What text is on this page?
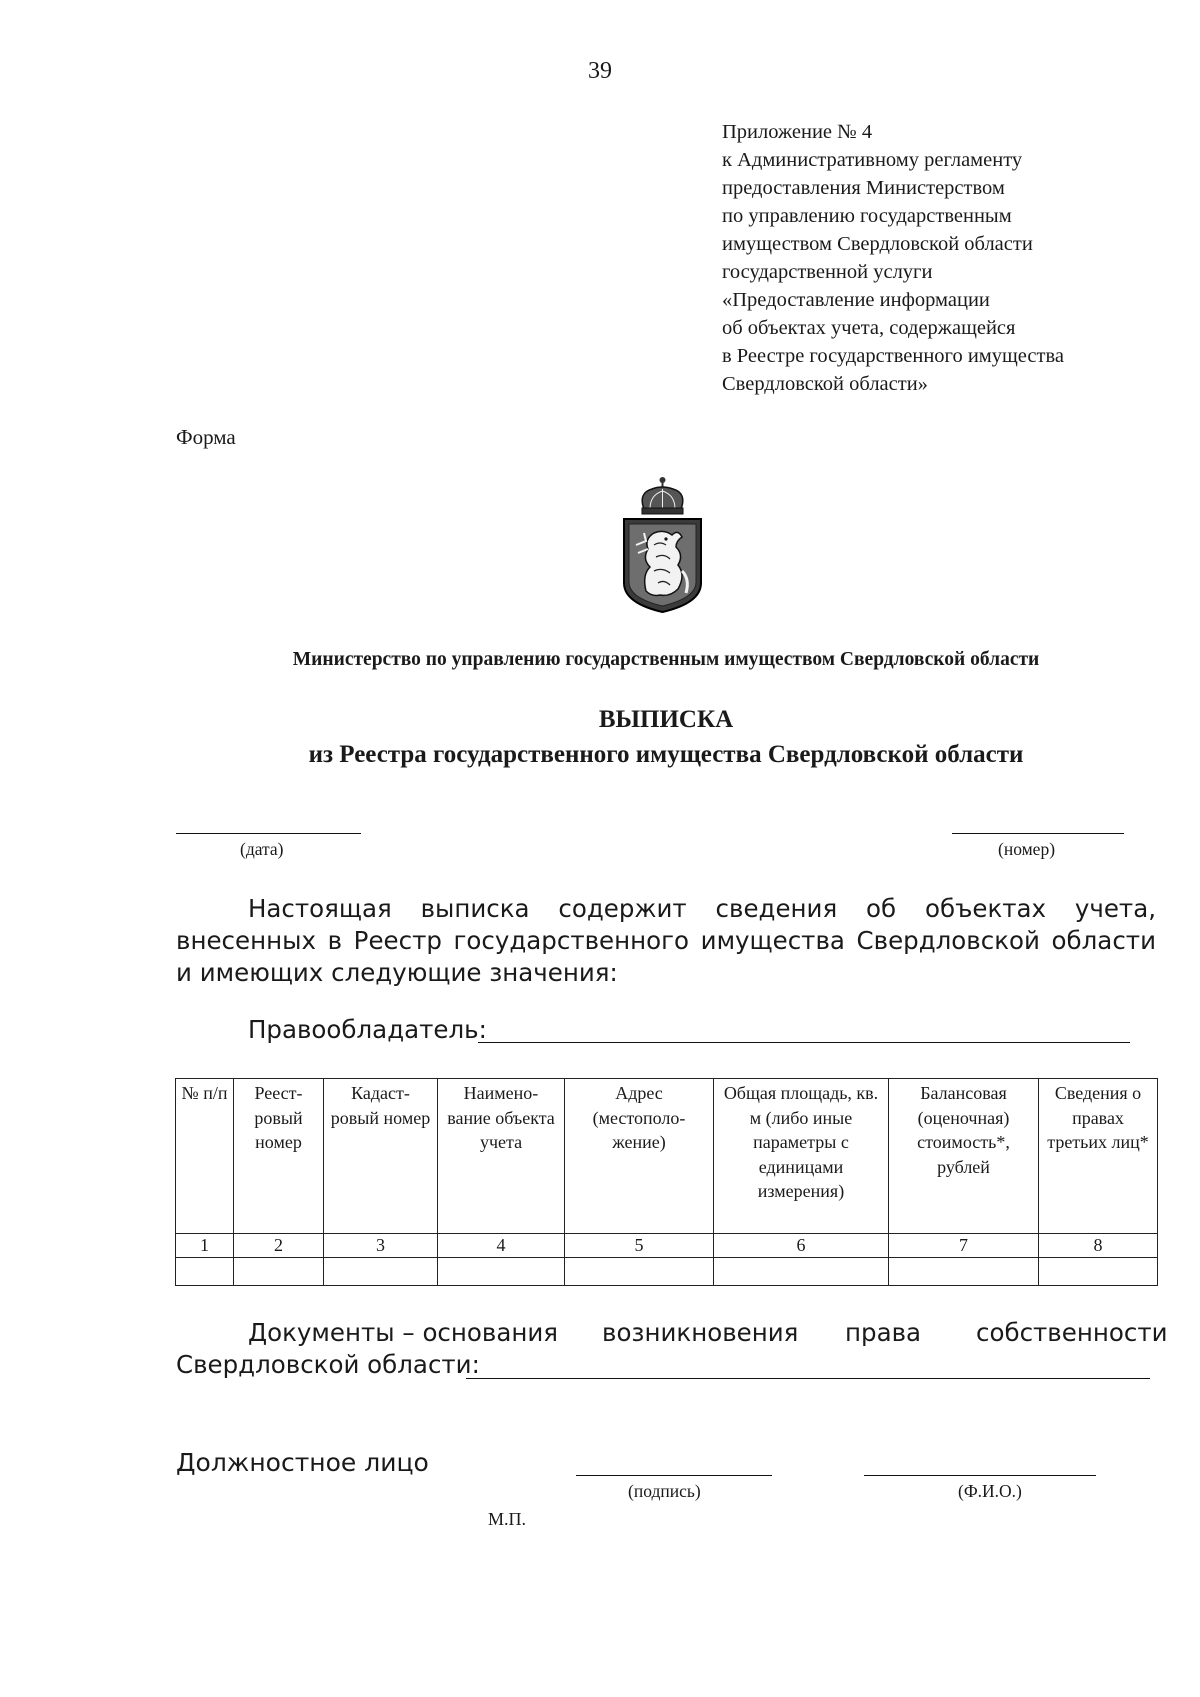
39
Приложение № 4
к Административному регламенту
предоставления Министерством
по управлению государственным
имуществом Свердловской области
государственной услуги
«Предоставление информации
об объектах учета, содержащейся
в Реестре государственного имущества
Свердловской области»
Форма
Министерство по управлению государственным имуществом Свердловской области
ВЫПИСКА
из Реестра государственного имущества Свердловской области
(дата)	(номер)
Настоящая выписка содержит сведения об объектах учета, внесенных в Реестр государственного имущества Свердловской области и имеющих следующие значения:
Правообладатель:
№ п/п	Реест-ровый номер	Кадаст-ровый номер	Наимено-вание объекта учета	Адрес (местополо-жение)	Общая площадь, кв. м (либо иные параметры с единицами измерения)	Балансовая (оценочная) стоимость*, рублей	Сведения о правах третьих лиц*
1	2	3	4	5	6	7	8

Документы – основания возникновения права собственности
Свердловской области:
Должностное лицо
(подпись)	(Ф.И.О.)
М.П.
